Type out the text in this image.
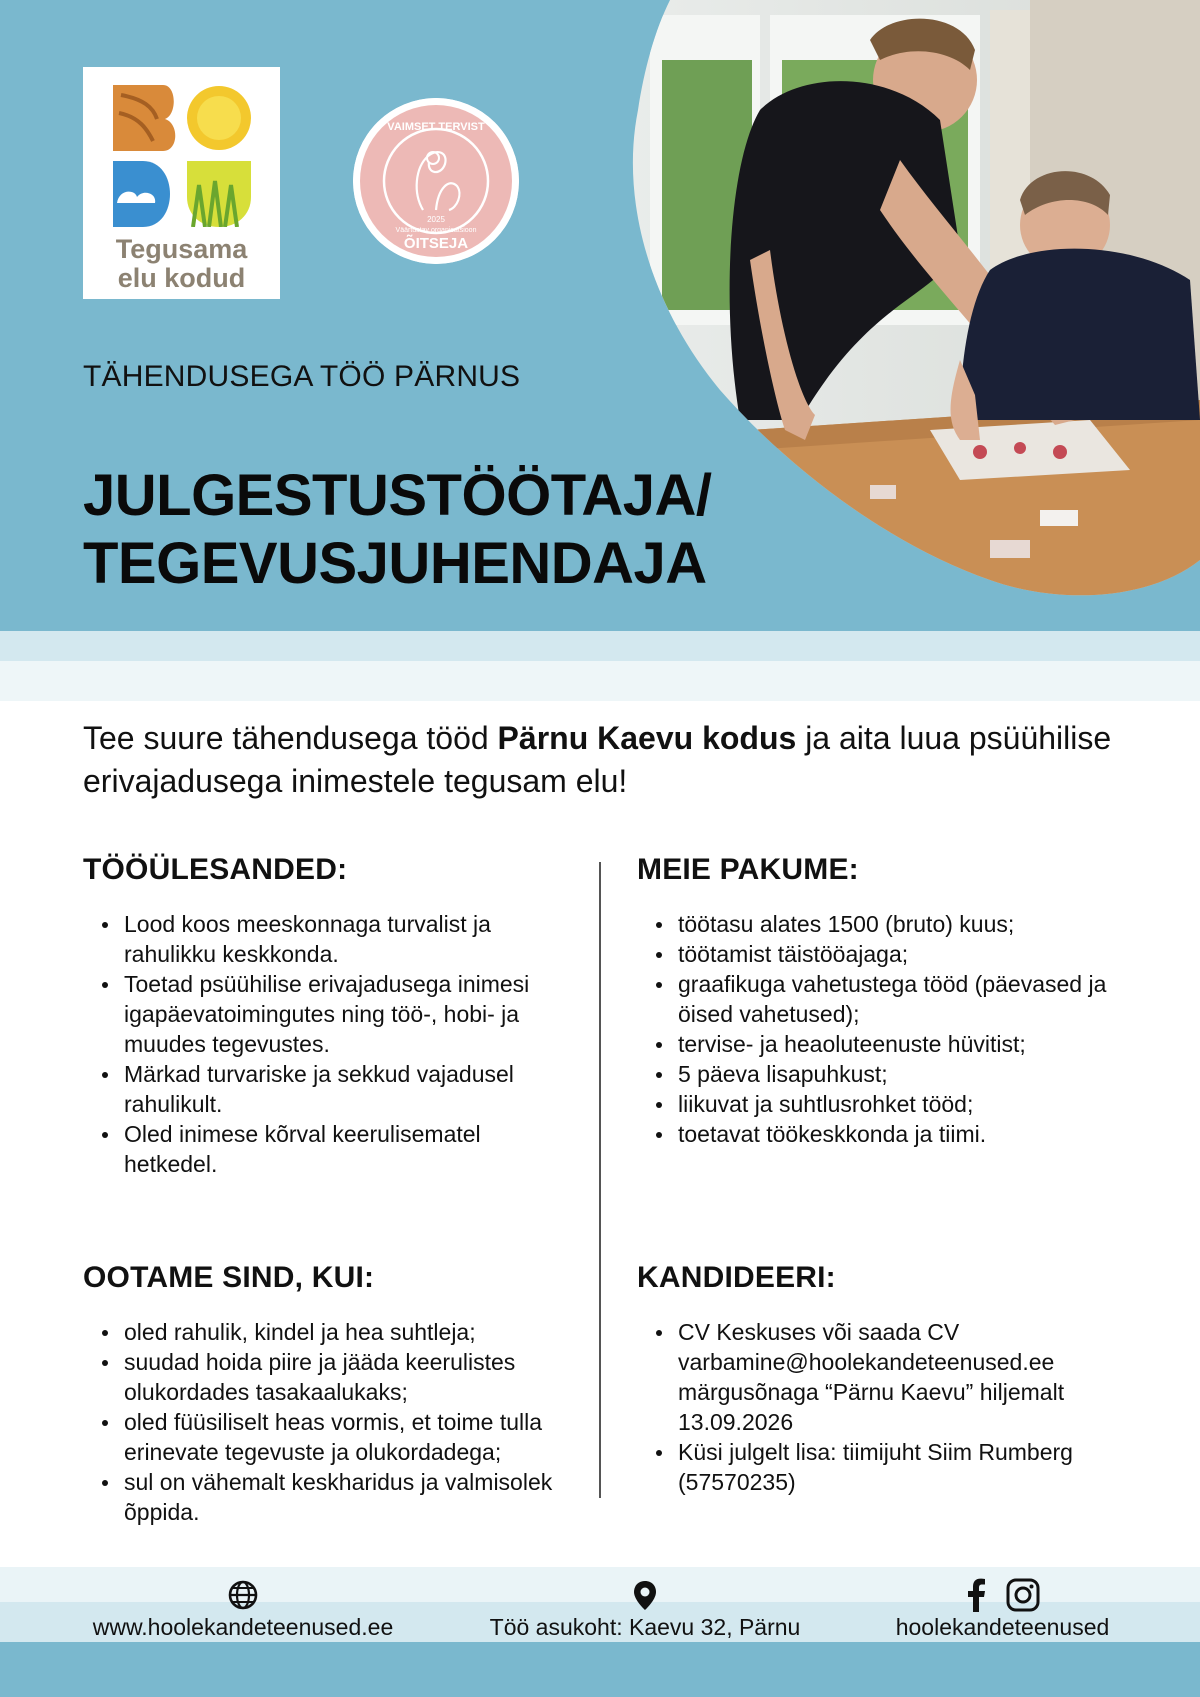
Tegusama
elu kodud
VAIMSET TERVIST
2025
Väärtustav organisatsioon
ÕITSEJA
TÄHENDUSEGA TÖÖ PÄRNUS
JULGESTUSTÖÖTAJA/
TEGEVUSJUHENDAJA
Tee suure tähendusega tööd Pärnu Kaevu kodus ja aita luua psüühilise erivajadusega inimestele tegusam elu!
TÖÖÜLESANDED:
Lood koos meeskonnaga turvalist ja rahulikku keskkonda.
Toetad psüühilise erivajadusega inimesi igapäevatoimingutes ning töö-, hobi- ja muudes tegevustes.
Märkad turvariske ja sekkud vajadusel rahulikult.
Oled inimese kõrval keerulisematel hetkedel.
MEIE PAKUME:
töötasu alates 1500 (bruto) kuus;
töötamist täistööajaga;
graafikuga vahetustega tööd (päevased ja öised vahetused);
tervise- ja heaoluteenuste hüvitist;
5 päeva lisapuhkust;
liikuvat ja suhtlusrohket tööd;
toetavat töökeskkonda ja tiimi.
OOTAME SIND, KUI:
oled rahulik, kindel ja hea suhtleja;
suudad hoida piire ja jääda keerulistes olukordades tasakaalukaks;
oled füüsiliselt heas vormis, et toime tulla erinevate tegevuste ja olukordadega;
sul on vähemalt keskharidus ja valmisolek õppida.
KANDIDEERI:
CV Keskuses või saada CV varbamine@hoolekandeteenused.ee märgusõnaga “Pärnu Kaevu” hiljemalt 13.09.2026
Küsi julgelt lisa: tiimijuht Siim Rumberg (57570235)
www.hoolekandeteenused.ee	Töö asukoht: Kaevu 32, Pärnu
	hoolekandeteenused
